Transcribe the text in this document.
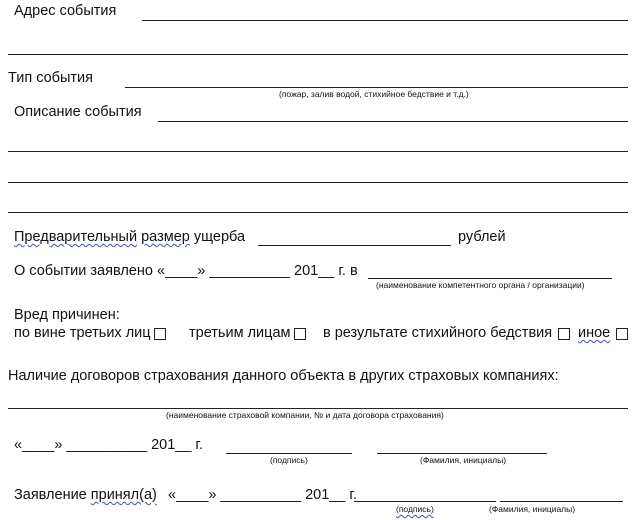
Адрес события
Тип события
(пожар, залив водой, стихийное бедствие и т.д.)
Описание события
Предварительный размер ущерба	рублей
О событии заявлено «____» __________ 201__ г. в
(наименование компетентного органа / организации)
Вред причинен:
по вине третьих лиц	третьим лицам в результате стихийного бедствия иное
Наличие договоров страхования данного объекта в других страховых компаниях:
(наименование страховой компании, № и дата договора страхования)
«____» __________ 201__ г.
(подпись)	(Фамилия, инициалы)
Заявление принял(а) «____» __________ 201__ г.
(подпись)	(Фамилия, инициалы)
